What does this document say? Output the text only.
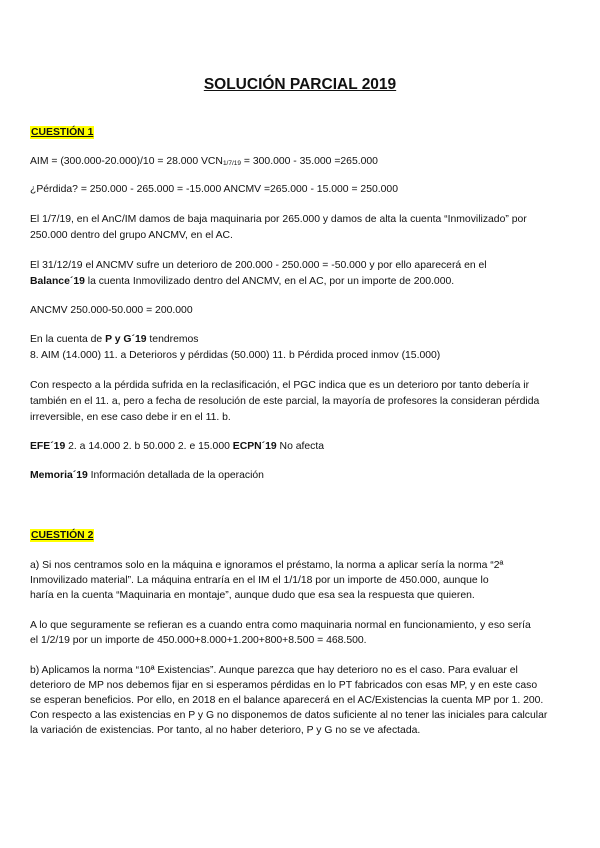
SOLUCIÓN PARCIAL 2019
CUESTIÓN 1
AIM = (300.000-20.000)/10 = 28.000 VCN1/7/19 = 300.000 - 35.000 =265.000
¿Pérdida? = 250.000 - 265.000 = -15.000 ANCMV =265.000 - 15.000 = 250.000
El 1/7/19, en el AnC/IM damos de baja maquinaria por 265.000 y damos de alta la cuenta “Inmovilizado” por
250.000 dentro del grupo ANCMV, en el AC.
El 31/12/19 el ANCMV sufre un deterioro de 200.000 - 250.000 = -50.000 y por ello aparecerá en el
Balance´19 la cuenta Inmovilizado dentro del ANCMV, en el AC, por un importe de 200.000.
ANCMV 250.000-50.000 = 200.000
En la cuenta de P y G´19 tendremos
8. AIM (14.000) 11. a Deterioros y pérdidas (50.000) 11. b Pérdida proced inmov (15.000)
Con respecto a la pérdida sufrida en la reclasificación, el PGC indica que es un deterioro por tanto debería ir
también en el 11. a, pero a fecha de resolución de este parcial, la mayoría de profesores la consideran pérdida
irreversible, en ese caso debe ir en el 11. b.
EFE´19 2. a 14.000 2. b 50.000 2. e 15.000 ECPN´19 No afecta
Memoria´19 Información detallada de la operación
CUESTIÓN 2
a) Si nos centramos solo en la máquina e ignoramos el préstamo, la norma a aplicar sería la norma “2ª
Inmovilizado material”. La máquina entraría en el IM el 1/1/18 por un importe de 450.000, aunque lo
haría en la cuenta “Maquinaria en montaje”, aunque dudo que esa sea la respuesta que quieren.
A lo que seguramente se refieran es a cuando entra como maquinaria normal en funcionamiento, y eso sería
el 1/2/19 por un importe de 450.000+8.000+1.200+800+8.500 = 468.500.
b) Aplicamos la norma “10ª Existencias”. Aunque parezca que hay deterioro no es el caso. Para evaluar el
deterioro de MP nos debemos fijar en si esperamos pérdidas en lo PT fabricados con esas MP, y en este caso
se esperan beneficios. Por ello, en 2018 en el balance aparecerá en el AC/Existencias la cuenta MP por 1. 200.
Con respecto a las existencias en P y G no disponemos de datos suficiente al no tener las iniciales para calcular
la variación de existencias. Por tanto, al no haber deterioro, P y G no se ve afectada.
